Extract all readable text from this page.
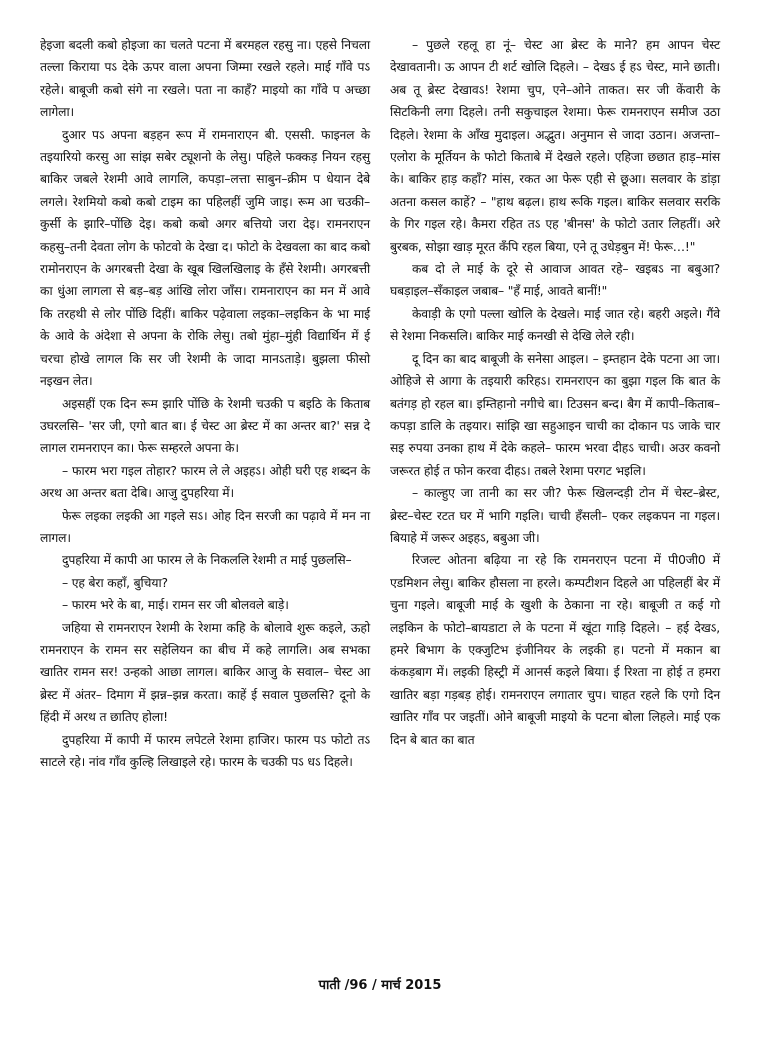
हेइजा बदली कबो होइजा का चलते पटना में बरमहल रहसु ना। एहसे निचला तल्ला किराया पऽ देके ऊपर वाला अपना जिम्मा रखले रहले। माई गाँवे पऽ रहेले। बाबूजी कबो संगे ना रखले। पता ना काहँ? माइयो का गाँवे प अच्छा लागेला।

दुआर पऽ अपना बड़हन रूप में रामनाराएन बी. एससी. फाइनल के तइयारियो करसु आ सांझ सबेर ट्यूशनो के लेसु। पहिले फक्कड़ नियन रहसु बाकिर जबले रेशमी आवे लागलि, कपड़ा–लत्ता साबुन–क्रीम प धेयान देबे लगले। रेशमियो कबो कबो टाइम का पहिलहीं जुमि जाइ। रूम आ चउकी–कुर्सी के झारि–पोंछि देइ। कबो कबो अगर बत्तियो जरा देइ। रामनराएन कहसु–तनी देवता लोग के फोटवो के देखा द। फोटो के देखवला का बाद कबो रामोनराएन के अगरबत्ती देखा के खूब खिलखिलाइ के हँसे रेशमी। अगरबत्ती का धुंआ लागला से बड़–बड़ आंखि लोरा जाँस। रामनाराएन का मन में आवे कि तरहथी से लोर पोंछि दिहीं। बाकिर पढ़ेवाला लइका–लइकिन के भा माई के आवे के अंदेशा से अपना के रोकि लेसु। तबो मुंहा–मुंही विद्यार्थिन में ई चरचा होखे लागल कि सर जी रेशमी के जादा मानऽताड़े। बुझला फीसो नइखन लेत।

अइसहीं एक दिन रूम झारि पोंछि के रेशमी चउकी प बइठि के किताब उघरलसि– 'सर जी, एगो बात बा। ई चेस्ट आ ब्रेस्ट में का अन्तर बा?' सन्न दे लागल रामनराएन का। फेरू सम्हरले अपना के।

– फारम भरा गइल तोहार? फारम ले ले अइहऽ। ओही घरी एह शब्दन के अरथ आ अन्तर बता देबि। आजु दुपहरिया में।

फेरू लइका लइकी आ गइले सऽ। ओह दिन सरजी का पढ़ावे में मन ना लागल।

दुपहरिया में कापी आ फारम ले के निकललि रेशमी त माई पुछलसि–

– एह बेरा कहाँ, बुचिया?

– फारम भरे के बा, माई। रामन सर जी बोलवले बाड़े।

जहिया से रामनराएन रेशमी के रेशमा कहि के बोलावे शुरू कइले, ऊहो रामनराएन के रामन सर सहेलियन का बीच में कहे लागलि। अब सभका खातिर रामन सर! उन्हको आछा लागल। बाकिर आजु के सवाल– चेस्ट आ ब्रेस्ट में अंतर– दिमाग में झन्न–झन्न करता। काहें ई सवाल पुछलसि? दूनो के हिंदी में अरथ त छातिए होला!

दुपहरिया में कापी में फारम लपेटले रेशमा हाजिर। फारम पऽ फोटो तऽ साटले रहे। नांव गाँव कुल्हि लिखाइले रहे। फारम के चउकी पऽ धऽ दिहले।

– पुछले रहलू हा नूं– चेस्ट आ ब्रेस्ट के माने? हम आपन चेस्ट देखावतानी। ऊ आपन टी शर्ट खोलि दिहले। – देखऽ ई हऽ चेस्ट, माने छाती। अब तू ब्रेस्ट देखावऽ! रेशमा चुप, एने–ओने ताकत। सर जी केंवारी के सिटकिनी लगा दिहले। तनी सकुचाइल रेशमा। फेरू रामनराएन समीज उठा दिहले। रेशमा के आँख मुदाइल। अद्भुत। अनुमान से जादा उठान। अजन्ता–एलोरा के मूर्तियन के फोटो किताबे में देखले रहले। एहिजा छछात हाड़–मांस के। बाकिर हाड़ कहाँ? मांस, रकत आ फेरू एही से छूआ। सलवार के डांड़ा अतना कसल काहें? – "हाथ बढ़ल। हाथ रूकि गइल। बाकिर सलवार सरकि के गिर गइल रहे। कैमरा रहित तऽ एह 'बीनस' के फोटो उतार लिहतीं। अरे बुरबक, सोझा खाड़ मूरत कँपि रहल बिया, एने तू उधेड़बुन में! फेरू…!"

कब दो ले माई के दूरे से आवाज आवत रहे– खइबऽ ना बबुआ? घबड़ाइल–सँकाइल जबाब– "हँ माई, आवते बानीं!"

केवाड़ी के एगो पल्ला खोलि के देखले। माई जात रहे। बहरी अइले। गैंवे से रेशमा निकसलि। बाकिर माई कनखी से देखि लेले रही।

दू दिन का बाद बाबूजी के सनेसा आइल। – इम्तहान देके पटना आ जा। ओहिजे से आगा के तइयारी करिहऽ। रामनराएन का बुझा गइल कि बात के बतंगड़ हो रहल बा। इम्तिहानो नगीचे बा। टिउसन बन्द। बैग में कापी–किताब–कपड़ा डालि के तइयार। सांझि खा सहुआइन चाची का दोकान पऽ जाके चार सइ रुपया उनका हाथ में देके कहले– फारम भरवा दीहऽ चाची। अउर कवनो जरूरत होई त फोन करवा दीहऽ। तबले रेशमा परगट भइलि।

– काल्हुए जा तानी का सर जी? फेरू खिलन्दड़ी टोन में चेस्ट–ब्रेस्ट, ब्रेस्ट–चेस्ट रटत घर में भागि गइलि। चाची हँसली– एकर लइकपन ना गइल। बियाहे में जरूर अइहऽ, बबुआ जी।

रिजल्ट ओतना बढ़िया ना रहे कि रामनराएन पटना में पी0जी0 में एडमिशन लेसु। बाकिर हौसला ना हरले। कम्पटीशन दिहले आ पहिलहीं बेर में चुना गइले। बाबूजी माई के खुशी के ठेकाना ना रहे। बाबूजी त कई गो लइकिन के फोटो–बायडाटा ले के पटना में खूंटा गाड़ि दिहले। – हई देखऽ, हमरे बिभाग के एक्जुटिभ इंजीनियर के लइकी ह। पटनो में मकान बा कंकड़बाग में। लइकी हिस्ट्री में आनर्स कइले बिया। ई रिश्ता ना होई त हमरा खातिर बड़ा गड़बड़ होई। रामनराएन लगातार चुप। चाहत रहले कि एगो दिन खातिर गाँव पर जइतीं। ओने बाबूजी माइयो के पटना बोला लिहले। माई एक दिन बे बात का बात

पाती /96 / मार्च 2015
